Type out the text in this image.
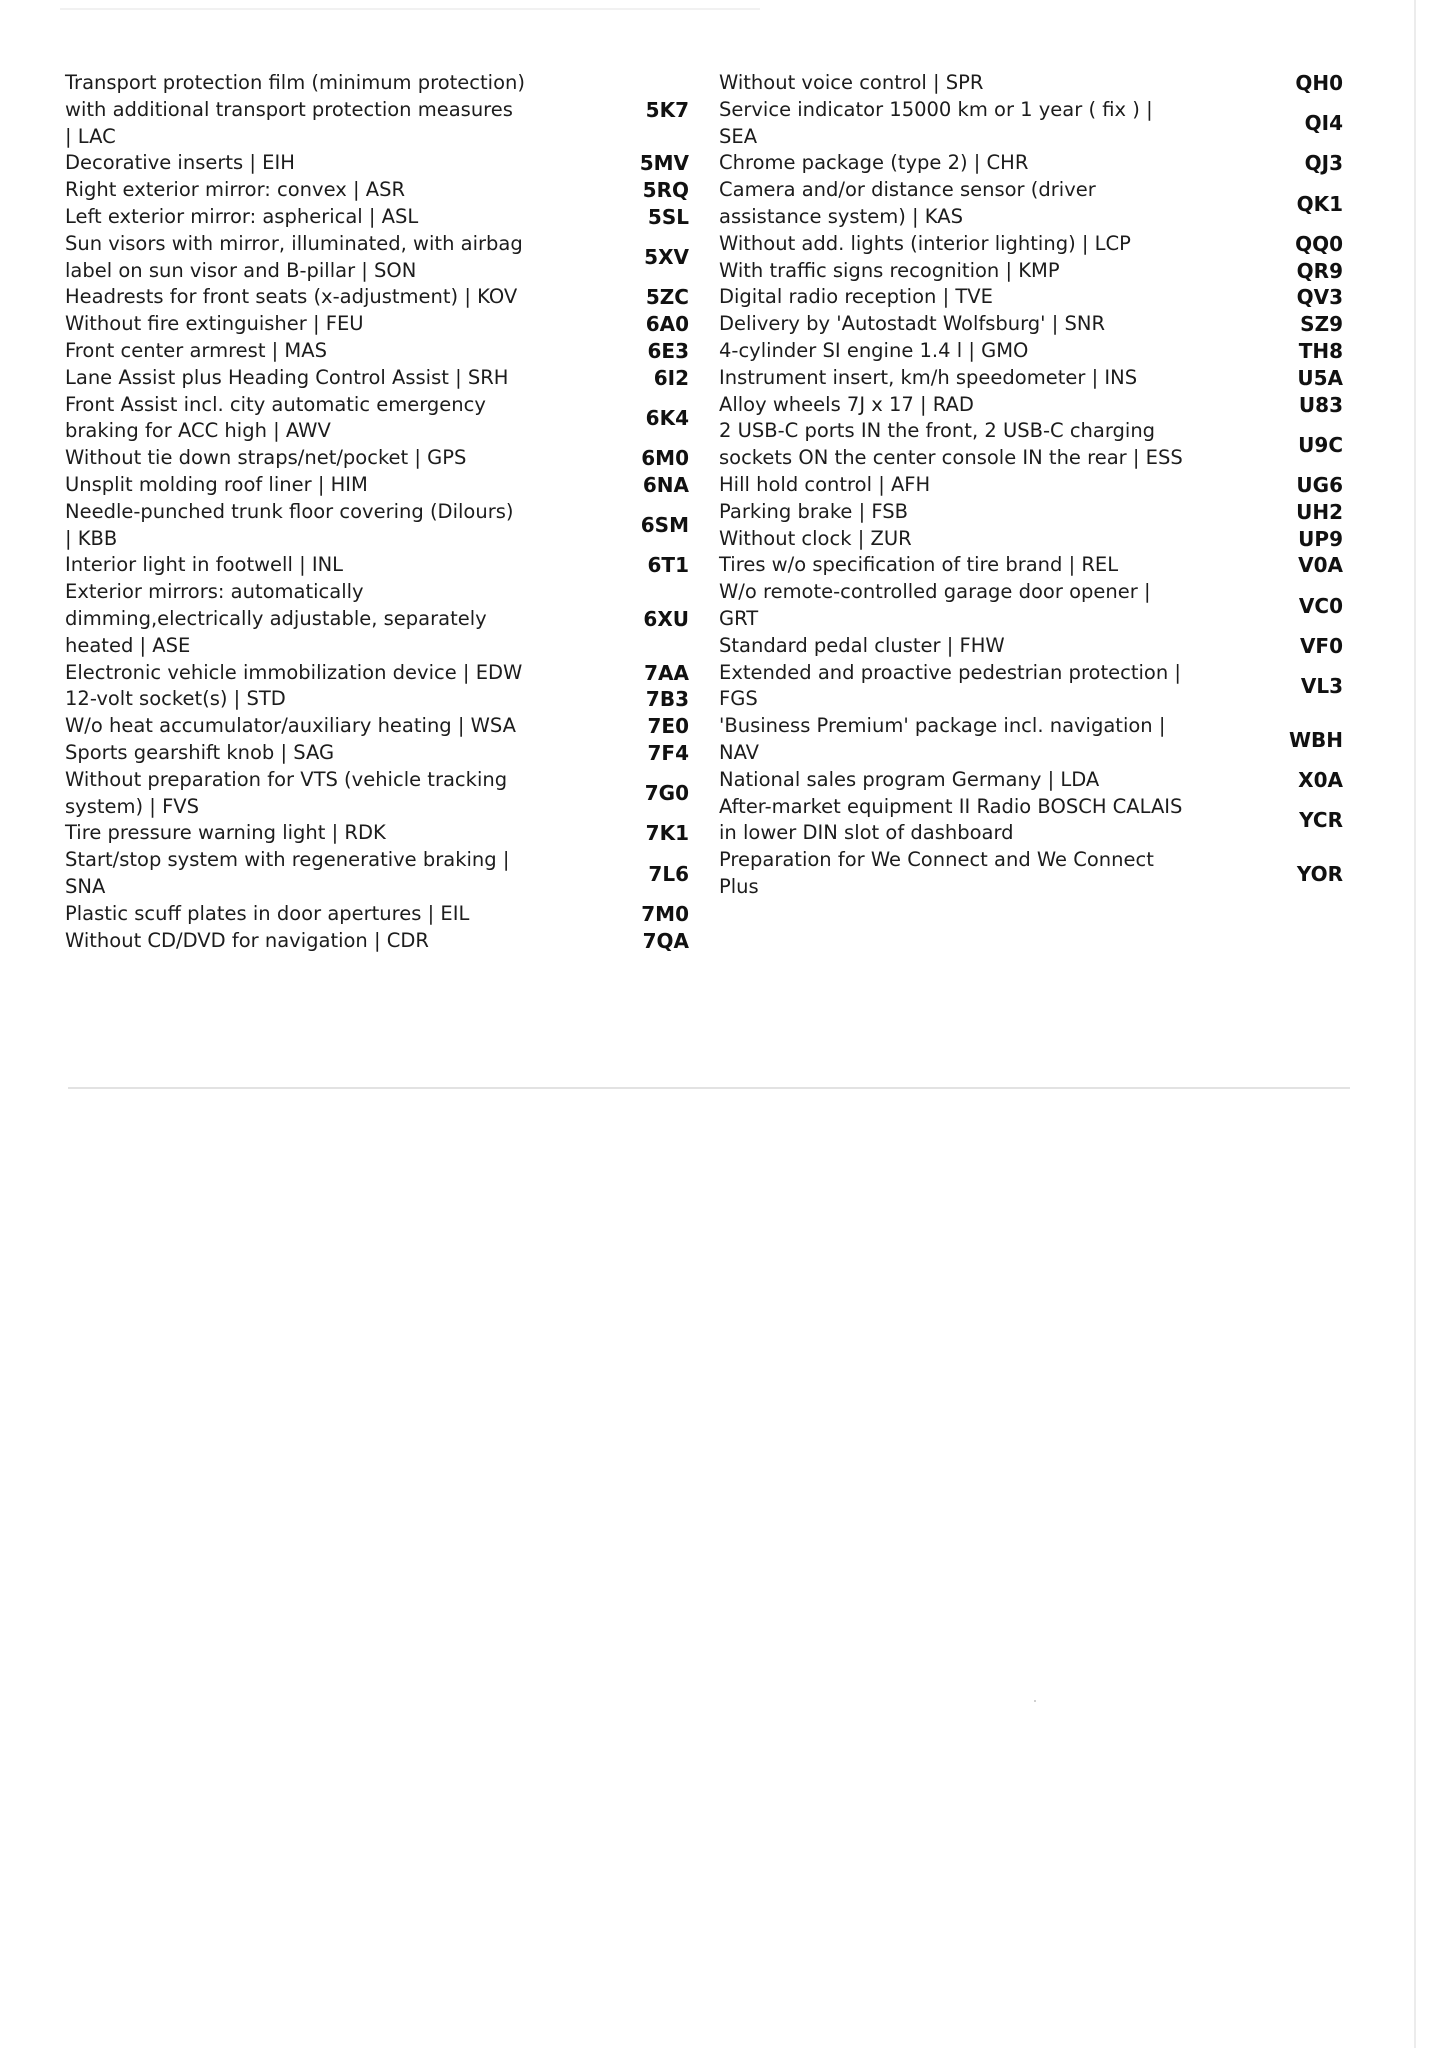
Transport protection film (minimum protection) with additional transport protection measures | LAC
5K7
Decorative inserts | EIH	5MV
Right exterior mirror: convex | ASR	5RQ
Left exterior mirror: aspherical | ASL	5SL
Sun visors with mirror, illuminated, with airbag label on sun visor and B-pillar | SON
5XV
Headrests for front seats (x-adjustment) | KOV	5ZC
Without fire extinguisher | FEU	6A0
Front center armrest | MAS	6E3
Lane Assist plus Heading Control Assist | SRH	6I2
Front Assist incl. city automatic emergency braking for ACC high | AWV
6K4
Without tie down straps/net/pocket | GPS	6M0
Unsplit molding roof liner | HIM	6NA
Needle-punched trunk floor covering (Dilours) | KBB
6SM
Interior light in footwell | INL	6T1
Exterior mirrors: automatically dimming,electrically adjustable, separately heated | ASE
6XU
Electronic vehicle immobilization device | EDW	7AA
12-volt socket(s) | STD	7B3
W/o heat accumulator/auxiliary heating | WSA	7E0
Sports gearshift knob | SAG	7F4
Without preparation for VTS (vehicle tracking system) | FVS
7G0
Tire pressure warning light | RDK	7K1
Start/stop system with regenerative braking | SNA
7L6
Plastic scuff plates in door apertures | EIL	7M0
Without CD/DVD for navigation | CDR	7QA
Without voice control | SPR	QH0
Service indicator 15000 km or 1 year ( fix ) | SEA
QI4
Chrome package (type 2) | CHR	QJ3
Camera and/or distance sensor (driver assistance system) | KAS
QK1
Without add. lights (interior lighting) | LCP	QQ0
With traffic signs recognition | KMP	QR9
Digital radio reception | TVE	QV3
Delivery by 'Autostadt Wolfsburg' | SNR	SZ9
4-cylinder SI engine 1.4 l | GMO	TH8
Instrument insert, km/h speedometer | INS	U5A
Alloy wheels 7J x 17 | RAD	U83
2 USB-C ports IN the front, 2 USB-C charging sockets ON the center console IN the rear | ESS
U9C
Hill hold control | AFH	UG6
Parking brake | FSB	UH2
Without clock | ZUR	UP9
Tires w/o specification of tire brand | REL	V0A
W/o remote-controlled garage door opener | GRT
VC0
Standard pedal cluster | FHW	VF0
Extended and proactive pedestrian protection | FGS
VL3
'Business Premium' package incl. navigation | NAV
WBH
National sales program Germany | LDA	X0A
After-market equipment II Radio BOSCH CALAIS in lower DIN slot of dashboard
YCR
Preparation for We Connect and We Connect Plus
YOR
